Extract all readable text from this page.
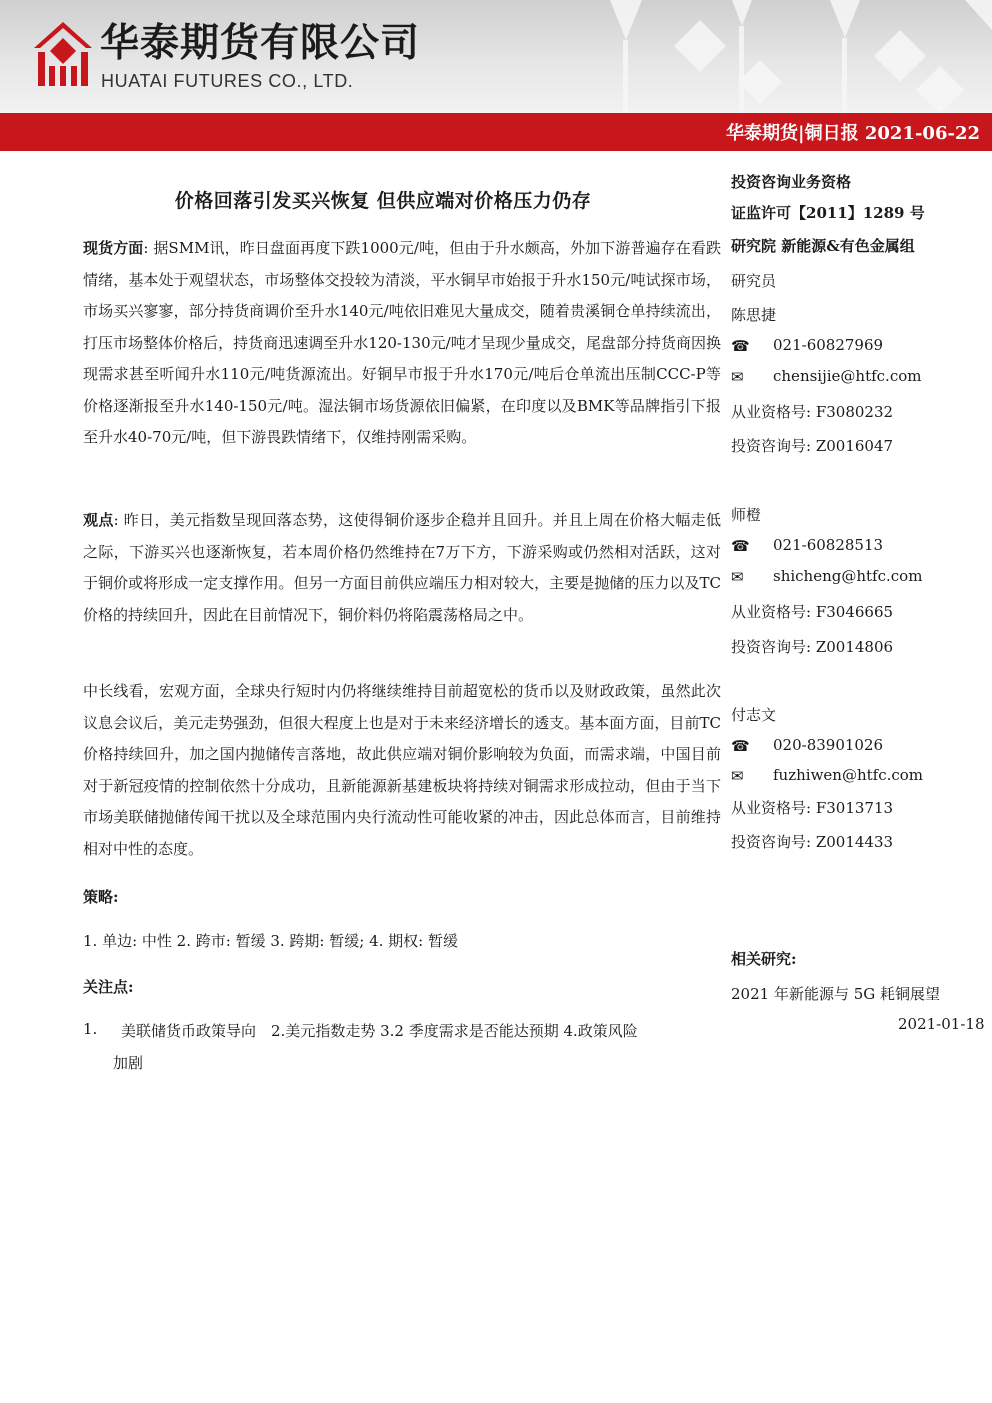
华泰期货有限公司
HUATAI FUTURES CO., LTD.
华泰期货|铜日报 2021-06-22
价格回落引发买兴恢复 但供应端对价格压力仍存
现货方面: 据SMM讯，昨日盘面再度下跌1000元/吨，但由于升水颇高，外加下游普遍存在看跌情绪，基本处于观望状态，市场整体交投较为清淡，平水铜早市始报于升水150元/吨试探市场，市场买兴寥寥，部分持货商调价至升水140元/吨依旧难见大量成交，随着贵溪铜仓单持续流出，打压市场整体价格后，持货商迅速调至升水120-130元/吨才呈现少量成交，尾盘部分持货商因换现需求甚至听闻升水110元/吨货源流出。好铜早市报于升水170元/吨后仓单流出压制CCC-P等价格逐渐报至升水140-150元/吨。湿法铜市场货源依旧偏紧，在印度以及BMK等品牌指引下报至升水40-70元/吨，但下游畏跌情绪下，仅维持刚需采购。
观点: 昨日，美元指数呈现回落态势，这使得铜价逐步企稳并且回升。并且上周在价格大幅走低之际，下游买兴也逐渐恢复，若本周价格仍然维持在7万下方，下游采购或仍然相对活跃，这对于铜价或将形成一定支撑作用。但另一方面目前供应端压力相对较大，主要是抛储的压力以及TC价格的持续回升，因此在目前情况下，铜价料仍将陷震荡格局之中。
中长线看，宏观方面，全球央行短时内仍将继续维持目前超宽松的货币以及财政政策，虽然此次议息会议后，美元走势强劲，但很大程度上也是对于未来经济增长的透支。基本面方面，目前TC价格持续回升，加之国内抛储传言落地，故此供应端对铜价影响较为负面，而需求端，中国目前对于新冠疫情的控制依然十分成功，且新能源新基建板块将持续对铜需求形成拉动，但由于当下市场美联储抛储传闻干扰以及全球范围内央行流动性可能收紧的冲击，因此总体而言，目前维持相对中性的态度。
策略:
1. 单边: 中性 2. 跨市: 暂缓 3. 跨期: 暂缓; 4. 期权: 暂缓
关注点:
1. 美联储货币政策导向　2.美元指数走势 3.2 季度需求是否能达预期 4.政策风险
加剧
投资咨询业务资格
证监许可【2011】1289 号
研究院 新能源&有色金属组
研究员
陈思捷
☎ 021-60827969
✉ chensijie@htfc.com
从业资格号: F3080232
投资咨询号: Z0016047
师橙
☎ 021-60828513
✉ shicheng@htfc.com
从业资格号: F3046665
投资咨询号: Z0014806
付志文
☎ 020-83901026
✉ fuzhiwen@htfc.com
从业资格号: F3013713
投资咨询号: Z0014433
相关研究:
2021 年新能源与 5G 耗铜展望
2021-01-18
